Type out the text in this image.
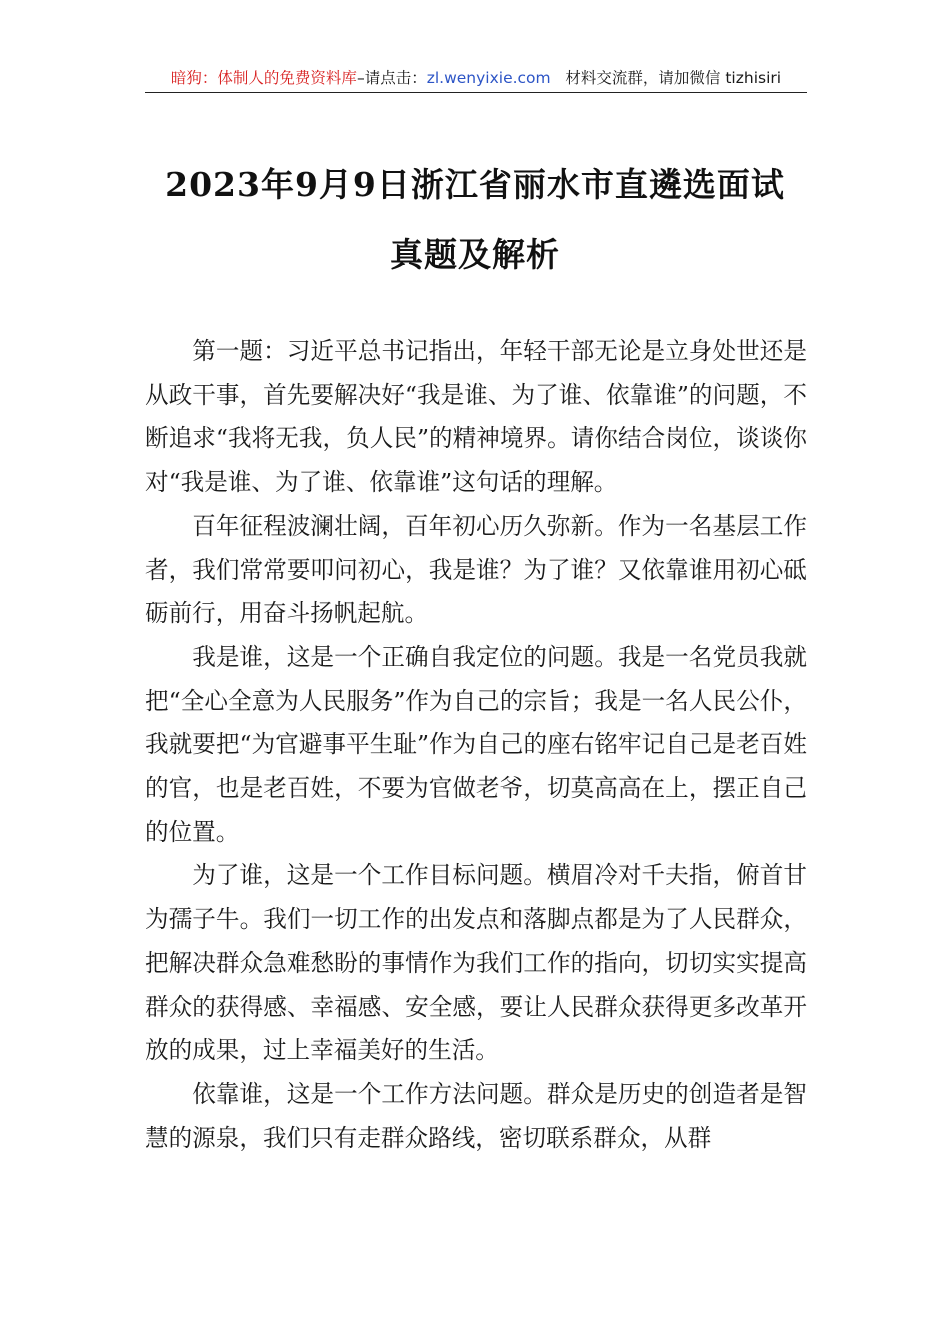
暗狗：体制人的免费资料库–请点击：zl.wenyixie.com 材料交流群，请加微信 tizhisiri
2023年9月9日浙江省丽水市直遴选面试
真题及解析

第一题：习近平总书记指出，年轻干部无论是立身处世还是从政干事，首先要解决好“我是谁、为了谁、依靠谁”的问题，不断追求“我将无我，负人民”的精神境界。请你结合岗位，谈谈你对“我是谁、为了谁、依靠谁”这句话的理解。

百年征程波澜壮阔，百年初心历久弥新。作为一名基层工作者，我们常常要叩问初心，我是谁？为了谁？又依靠谁用初心砥砺前行，用奋斗扬帆起航。

我是谁，这是一个正确自我定位的问题。我是一名党员我就把“全心全意为人民服务”作为自己的宗旨；我是一名人民公仆，我就要把“为官避事平生耻”作为自己的座右铭牢记自己是老百姓的官，也是老百姓，不要为官做老爷，切莫高高在上，摆正自己的位置。

为了谁，这是一个工作目标问题。横眉冷对千夫指，俯首甘为孺子牛。我们一切工作的出发点和落脚点都是为了人民群众，把解决群众急难愁盼的事情作为我们工作的指向，切切实实提高群众的获得感、幸福感、安全感，要让人民群众获得更多改革开放的成果，过上幸福美好的生活。

依靠谁，这是一个工作方法问题。群众是历史的创造者是智慧的源泉，我们只有走群众路线，密切联系群众，从群
